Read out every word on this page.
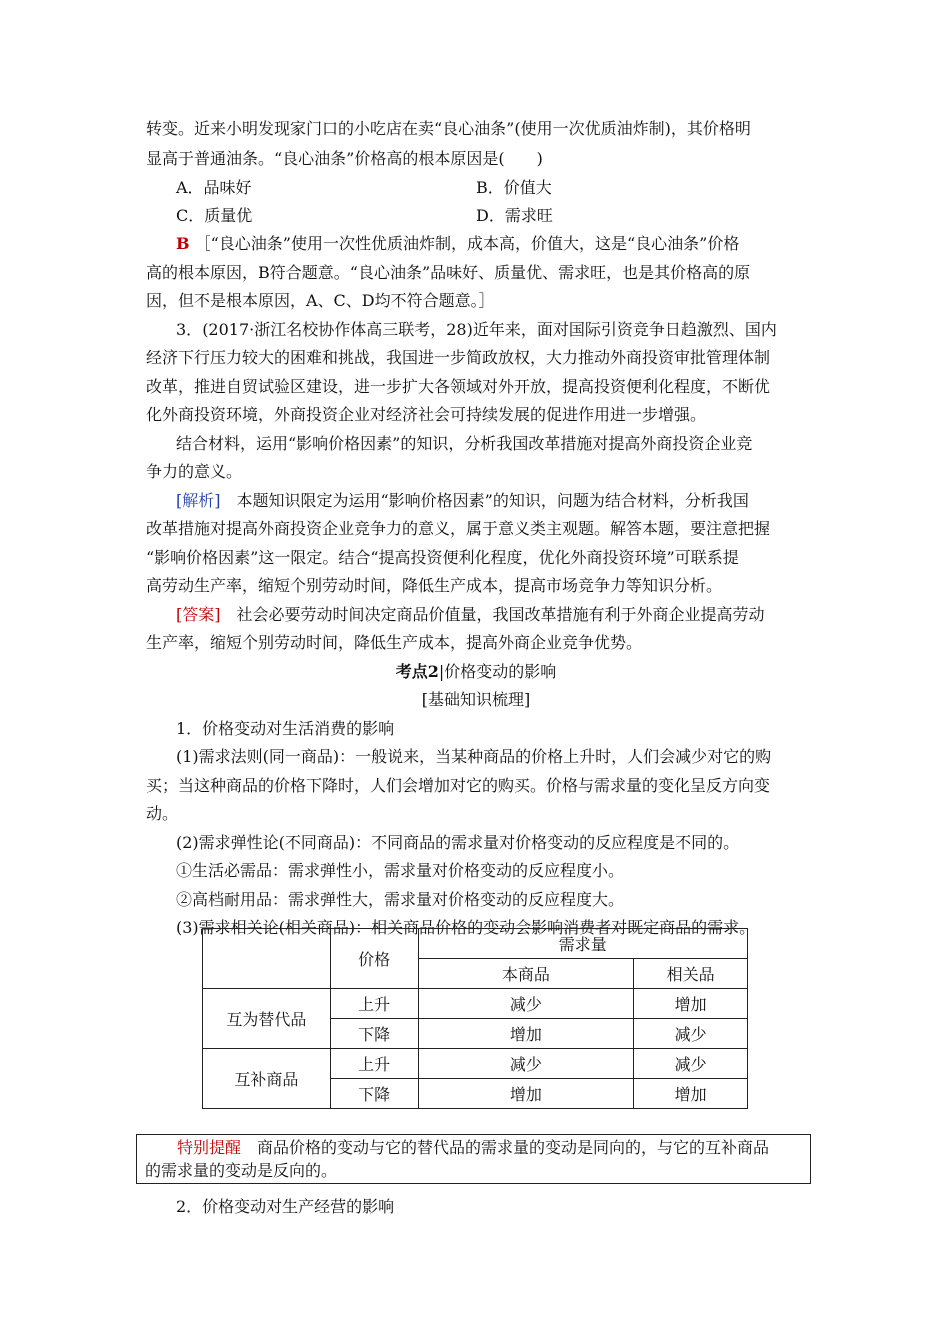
转变。近来小明发现家门口的小吃店在卖“良心油条”(使用一次优质油炸制)，其价格明
显高于普通油条。“良心油条”价格高的根本原因是(　　)
A．品味好	B．价值大
C．质量优	D．需求旺
B ［“良心油条”使用一次性优质油炸制，成本高，价值大，这是“良心油条”价格
高的根本原因，B符合题意。“良心油条”品味好、质量优、需求旺，也是其价格高的原
因，但不是根本原因，A、C、D均不符合题意。］
3．(2017·浙江名校协作体高三联考，28)近年来，面对国际引资竞争日趋激烈、国内
经济下行压力较大的困难和挑战，我国进一步简政放权，大力推动外商投资审批管理体制
改革，推进自贸试验区建设，进一步扩大各领域对外开放，提高投资便利化程度，不断优
化外商投资环境，外商投资企业对经济社会可持续发展的促进作用进一步增强。
结合材料，运用“影响价格因素”的知识，分析我国改革措施对提高外商投资企业竞
争力的意义。
[解析]　本题知识限定为运用“影响价格因素”的知识，问题为结合材料，分析我国
改革措施对提高外商投资企业竞争力的意义，属于意义类主观题。解答本题，要注意把握
“影响价格因素”这一限定。结合“提高投资便利化程度，优化外商投资环境”可联系提
高劳动生产率，缩短个别劳动时间，降低生产成本，提高市场竞争力等知识分析。
[答案]　社会必要劳动时间决定商品价值量，我国改革措施有利于外商企业提高劳动
生产率，缩短个别劳动时间，降低生产成本，提高外商企业竞争优势。
考点2|价格变动的影响
[基础知识梳理]
1．价格变动对生活消费的影响
(1)需求法则(同一商品)：一般说来，当某种商品的价格上升时，人们会减少对它的购
买；当这种商品的价格下降时，人们会增加对它的购买。价格与需求量的变化呈反方向变
动。
(2)需求弹性论(不同商品)：不同商品的需求量对价格变动的反应程度是不同的。
①生活必需品：需求弹性小，需求量对价格变动的反应程度小。
②高档耐用品：需求弹性大，需求量对价格变动的反应程度大。
(3)需求相关论(相关商品)：相关商品价格的变动会影响消费者对既定商品的需求。
	价格	需求量	
		本商品	相关品
互为替代品	上升	减少	增加
	下降	增加	减少
互补商品	上升	减少	减少
	下降	增加	增加
特别提醒　商品价格的变动与它的替代品的需求量的变动是同向的，与它的互补商品
的需求量的变动是反向的。
2．价格变动对生产经营的影响
